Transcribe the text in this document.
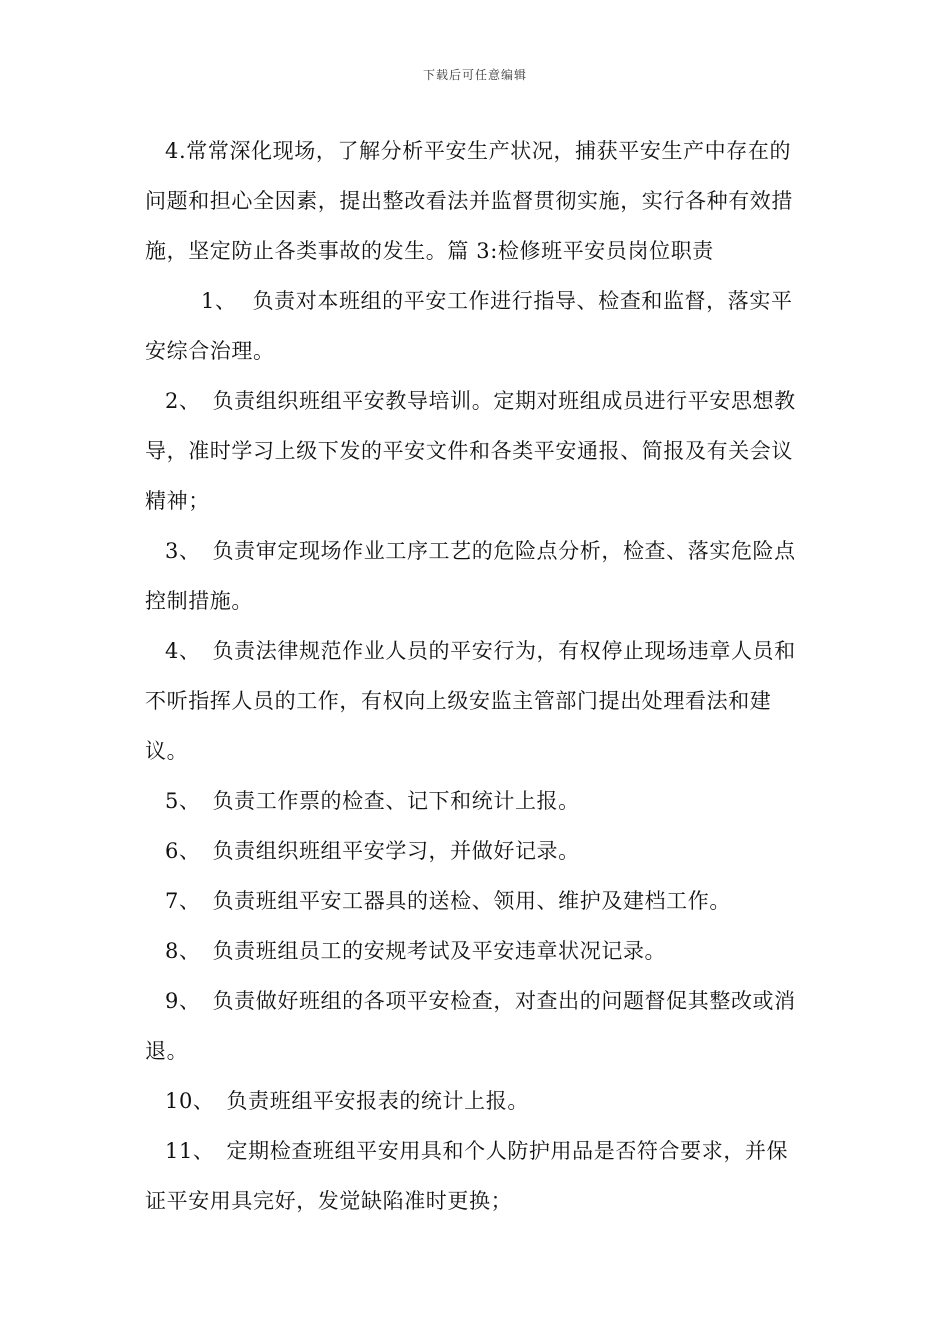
下载后可任意编辑

4.常常深化现场，了解分析平安生产状况，捕获平安生产中存在的问题和担心全因素，提出整改看法并监督贯彻实施，实行各种有效措施，坚定防止各类事故的发生。篇 3:检修班平安员岗位职责

1、 负责对本班组的平安工作进行指导、检查和监督，落实平安综合治理。

2、 负责组织班组平安教导培训。定期对班组成员进行平安思想教导，准时学习上级下发的平安文件和各类平安通报、简报及有关会议精神；

3、 负责审定现场作业工序工艺的危险点分析，检查、落实危险点控制措施。

4、 负责法律规范作业人员的平安行为，有权停止现场违章人员和不听指挥人员的工作，有权向上级安监主管部门提出处理看法和建议。

5、 负责工作票的检查、记下和统计上报。

6、 负责组织班组平安学习，并做好记录。

7、 负责班组平安工器具的送检、领用、维护及建档工作。

8、 负责班组员工的安规考试及平安违章状况记录。

9、 负责做好班组的各项平安检查，对查出的问题督促其整改或消退。

10、 负责班组平安报表的统计上报。

11、 定期检查班组平安用具和个人防护用品是否符合要求，并保证平安用具完好，发觉缺陷准时更换；
